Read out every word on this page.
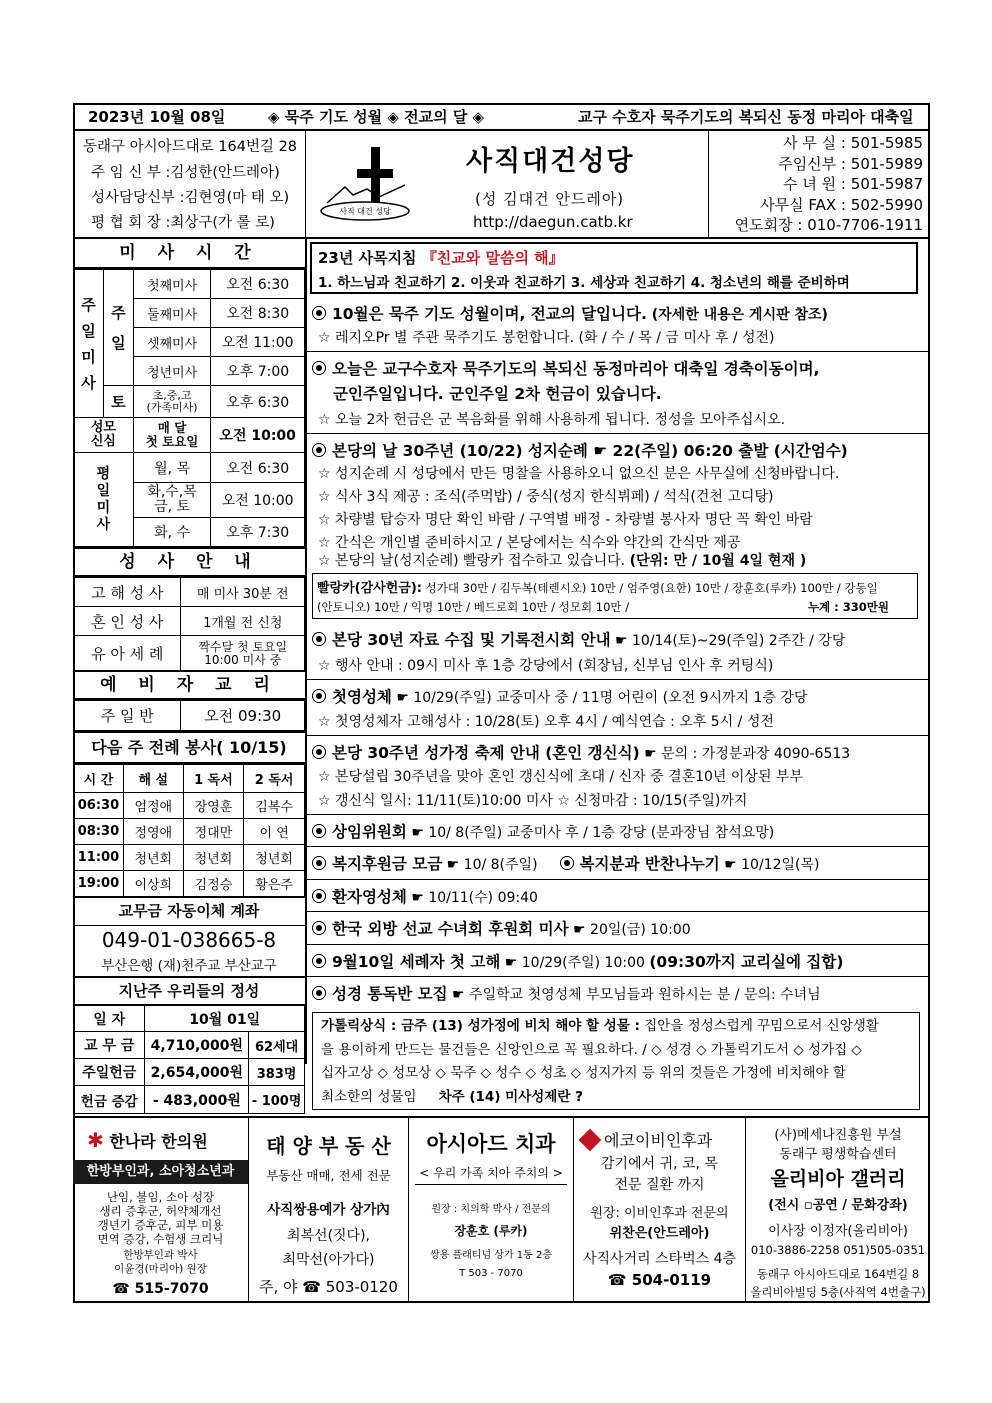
2023년 10월 08일	◈ 묵주 기도 성월 ◈ 전교의 달 ◈	교구 수호자 묵주기도의 복되신 동정 마리아 대축일
동래구 아시아드대로 164번길 28
주 임 신 부 :김성한(안드레아)
성사담당신부 :김현영(마 태 오)
평 협 회 장 :최상구(가 롤 로)
사직 대건 성당
사직대건성당
(성 김대건 안드레아)
http://daegun.catb.kr
사 무 실 : 501-5985
주임신부 : 501-5989
수 녀 원 : 501-5987
사무실 FAX : 502-5990
연도회장 : 010-7706-1911
미 사 시 간
주
일
미
사	주
일	첫째미사	오전 6:30
		둘째미사	오전 8:30
		셋째미사	오전 11:00
		청년미사	오후 7:00
	토	초,중,고
(가족미사)	오후 6:30
성모
신심		매 달
첫 토요일	오전 10:00
평
일
미
사		월, 목	오전 6:30
		화,수,목
금, 토	오전 10:00
		화, 수	오후 7:30
성 사 안 내
고 해 성 사	매 미사 30분 전
혼 인 성 사	1개월 전 신청
유 아 세 례	짝수달 첫 토요일
10:00 미사 중
예 비 자 교 리
주 일 반	오전 09:30
다음 주 전례 봉사( 10/15)
시 간	해 설	1 독서	2 독서
06:30	엄정애	장영훈	김복수
08:30	정영애	정대만	이 연
11:00	청년회	청년회	청년회
19:00	이상희	김정승	황은주
교무금 자동이체 계좌
049-01-038665-8
부산은행 (재)천주교 부산교구
지난주 우리들의 정성
일 자	10월 01일	
교 무 금	4,710,000원	62세대
주일헌금	2,654,000원	383명
헌금 증감	- 483,000원	- 100명
23년 사목지침 『친교와 말씀의 해』
1. 하느님과 친교하기 2. 이웃과 친교하기 3. 세상과 친교하기 4. 청소년의 해를 준비하며
10월은 묵주 기도 성월이며, 전교의 달입니다. (자세한 내용은 게시판 참조)
☆ 레지오Pr 별 주관 묵주기도 봉헌합니다. (화 / 수 / 목 / 금 미사 후 / 성전)
오늘은 교구수호자 묵주기도의 복되신 동정마리아 대축일 경축이동이며,
군인주일입니다. 군인주일 2차 헌금이 있습니다.
☆ 오늘 2차 헌금은 군 복음화를 위해 사용하게 됩니다. 정성을 모아주십시오.
본당의 날 30주년 (10/22) 성지순례 ☛ 22(주일) 06:20 출발 (시간엄수)
☆ 성지순례 시 성당에서 만든 명찰을 사용하오니 없으신 분은 사무실에 신청바랍니다.
☆ 식사 3식 제공 : 조식(주먹밥) / 중식(성지 한식뷔페) / 석식(건천 고디탕)
☆ 차량별 탑승자 명단 확인 바람 / 구역별 배정 - 차량별 봉사자 명단 꼭 확인 바람
☆ 간식은 개인별 준비하시고 / 본당에서는 식수와 약간의 간식만 제공
☆ 본당의 날(성지순례) 빨랑카 접수하고 있습니다. (단위: 만 / 10월 4일 현재 )
빨랑카(감사헌금): 성가대 30만 / 김두복(테렌시오) 10만 / 엄주영(요한) 10만 / 장훈호(루카) 100만 / 강동일
(안토니오) 10만 / 익명 10만 / 베드로회 10만 / 성모회 10만 /	누계 : 330만원
본당 30년 자료 수집 및 기록전시회 안내 ☛ 10/14(토)~29(주일) 2주간 / 강당
☆ 행사 안내 : 09시 미사 후 1층 강당에서 (회장님, 신부님 인사 후 커팅식)
첫영성체 ☛ 10/29(주일) 교중미사 중 / 11명 어린이 (오전 9시까지 1층 강당
☆ 첫영성체자 고해성사 : 10/28(토) 오후 4시 / 예식연습 : 오후 5시 / 성전
본당 30주년 성가정 축제 안내 (혼인 갱신식) ☛ 문의 : 가정분과장 4090-6513
☆ 본당설립 30주년을 맞아 혼인 갱신식에 초대 / 신자 중 결혼10년 이상된 부부
☆ 갱신식 일시: 11/11(토)10:00 미사 ☆ 신청마감 : 10/15(주일)까지
상임위원회 ☛ 10/ 8(주일) 교중미사 후 / 1층 강당 (분과장님 참석요망)
복지후원금 모금 ☛ 10/ 8(주일)	복지분과 반찬나누기 ☛ 10/12일(목)
환자영성체 ☛ 10/11(수) 09:40
한국 외방 선교 수녀회 후원회 미사 ☛ 20일(금) 10:00
9월10일 세례자 첫 고해 ☛ 10/29(주일) 10:00 (09:30까지 교리실에 집합)
성경 통독반 모집 ☛ 주일학교 첫영성체 부모님들과 원하시는 분 / 문의: 수녀님
가톨릭상식 : 금주 (13) 성가정에 비치 해야 할 성물 : 집안을 정성스럽게 꾸밈으로서 신앙생활
을 용이하게 만드는 물건들은 신앙인으로 꼭 필요하다. / ◇ 성경 ◇ 가톨릭기도서 ◇ 성가집 ◇
십자고상 ◇ 성모상 ◇ 묵주 ◇ 성수 ◇ 성초 ◇ 성지가지 등 위의 것들은 가정에 비치해야 할
최소한의 성물임 차주 (14) 미사성제란 ?
✱ 한나라 한의원
한방부인과, 소아청소년과
난임, 불임, 소아 성장
생리 증후군, 허약체개선
갱년기 증후군, 피부 미용
면역 증강, 수험생 크리닉
한방부인과 박사
이윤경(마리아) 원장
☎ 515-7070
태 양 부 동 산
부동산 매매, 전세 전문
사직쌍용예가 상가內
최복선(짓다),
최막선(아가다)
주, 야 ☎ 503-0120
아시아드 치과
< 우리 가족 치아 주치의 >
원장 : 치의학 박사 / 전문의
장훈호 (루카)
쌍용 플래티넘 상가 1동 2층
T 503 - 7070
에코이비인후과
감기에서 귀, 코, 목
전문 질환 까지
원장: 이비인후과 전문의
위찬은(안드레아)
사직사거리 스타벅스 4층
☎ 504-0119
(사)메세나진흥원 부설
동래구 평생학습센터
올리비아 갤러리
(전시 ▫공연 / 문화강좌)
이사장 이정자(올리비아)
010-3886-2258 051)505-0351
동래구 아시아드대로 164번길 8
올리비아빌딩 5층(사직역 4번출구)
